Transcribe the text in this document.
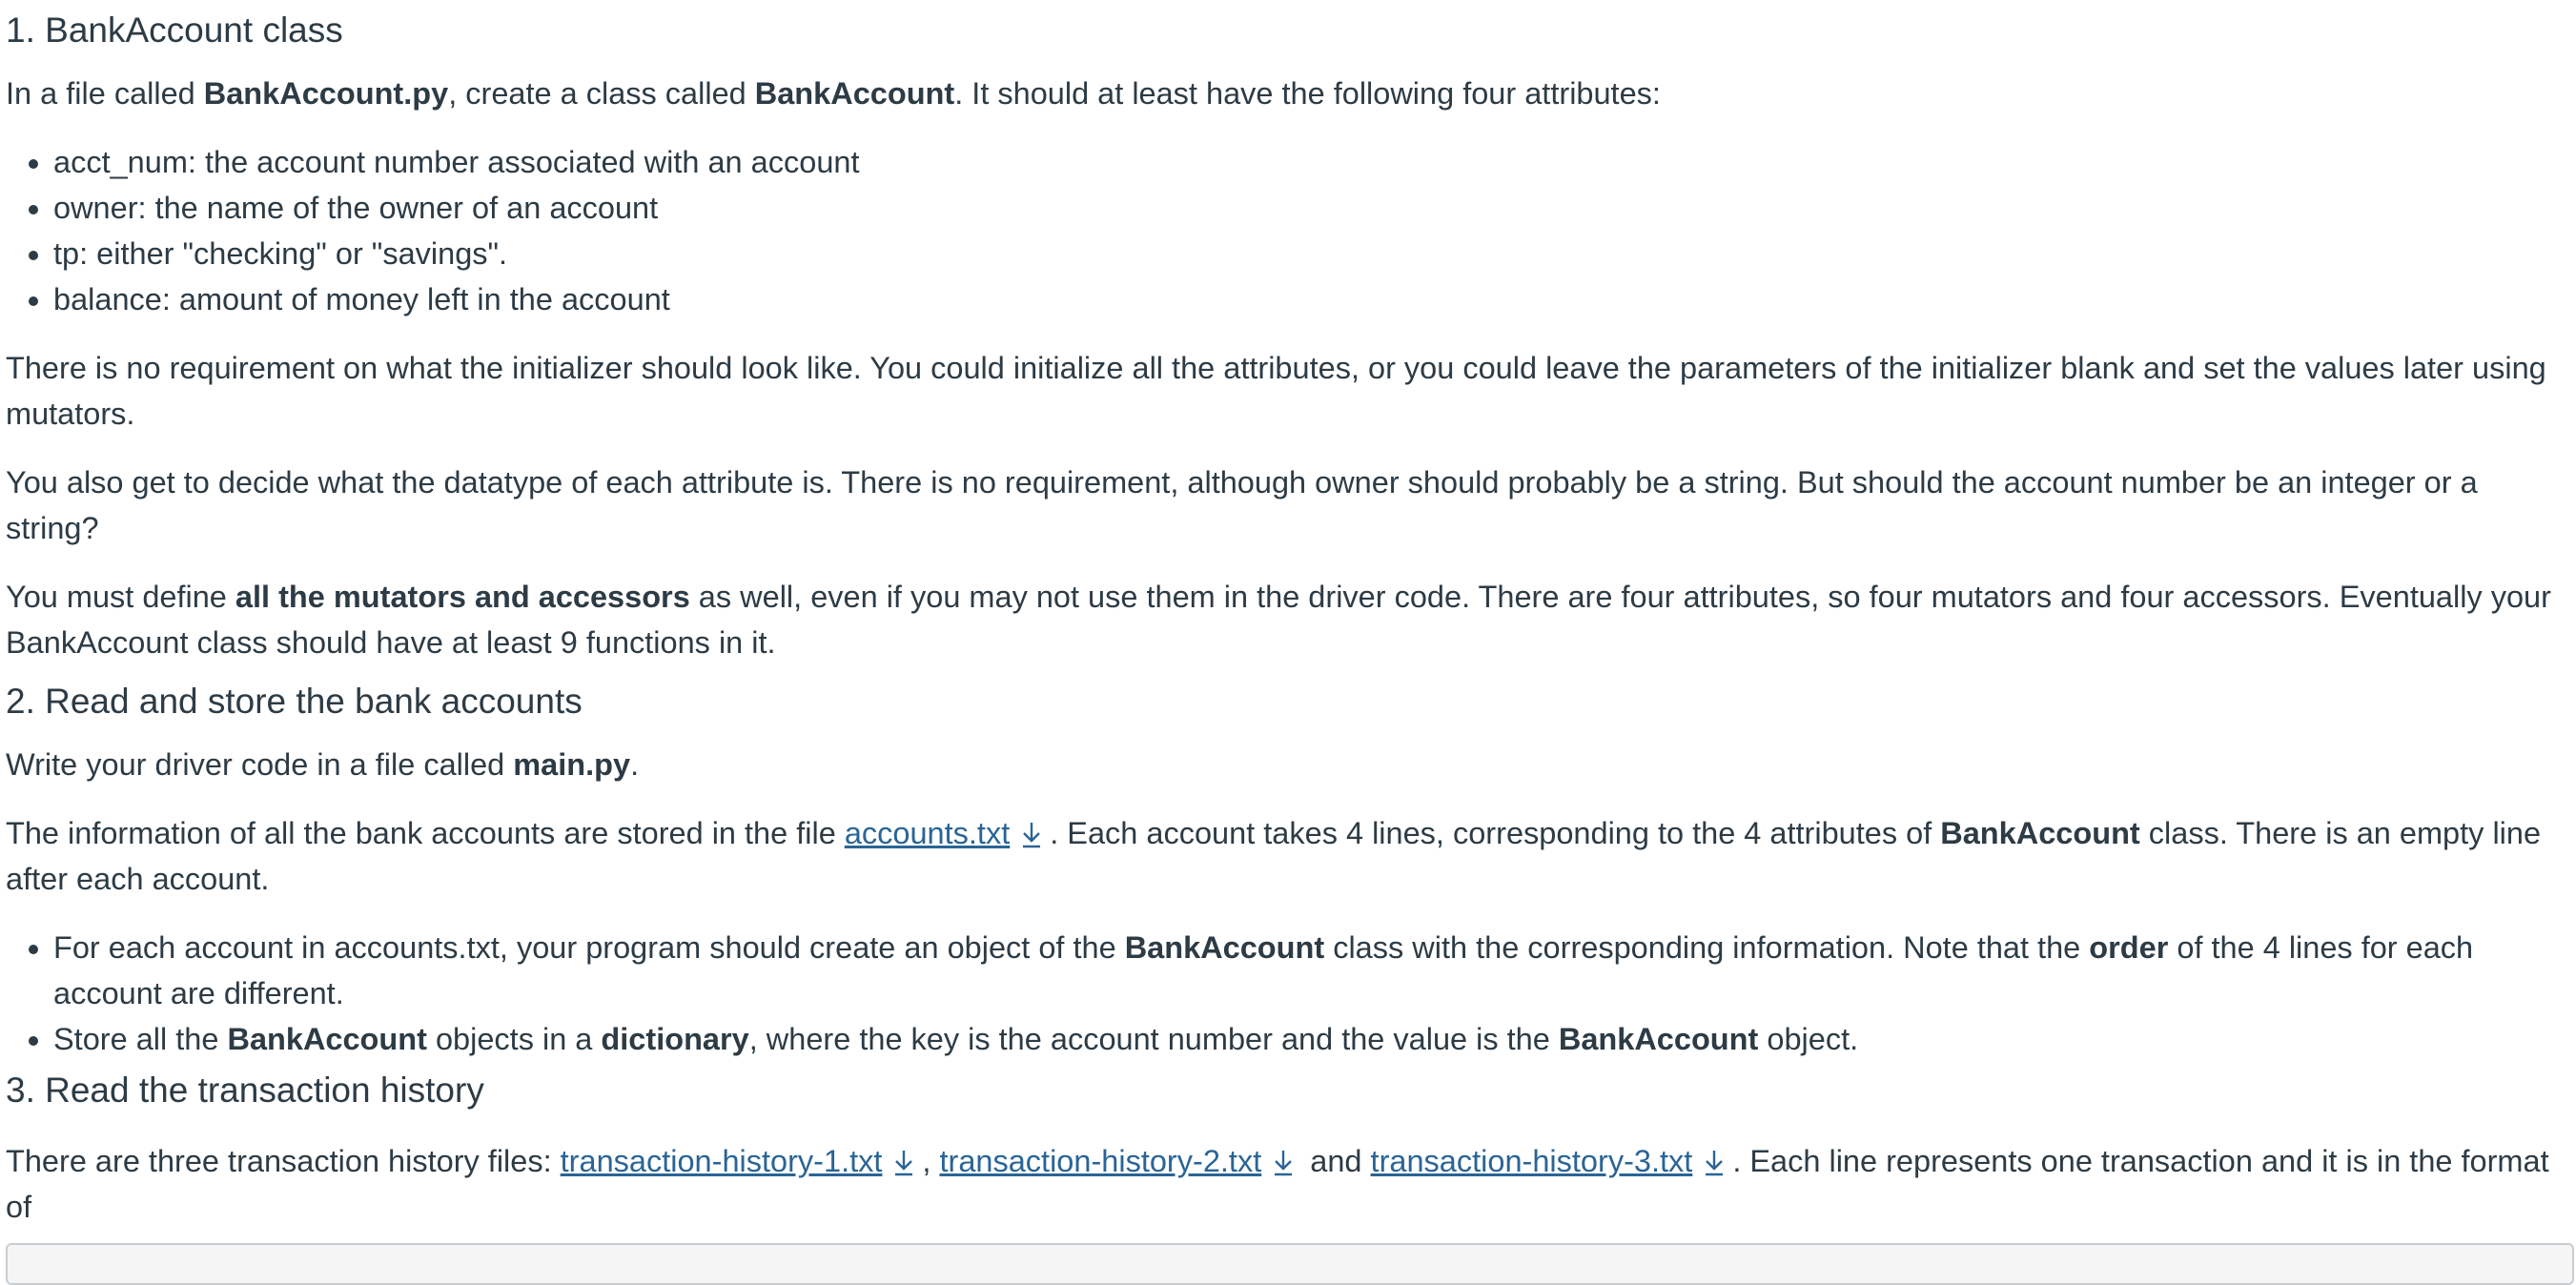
1. BankAccount class

In a file called BankAccount.py, create a class called BankAccount. It should at least have the following four attributes:

• acct_num: the account number associated with an account
• owner: the name of the owner of an account
• tp: either "checking" or "savings".
• balance: amount of money left in the account

There is no requirement on what the initializer should look like. You could initialize all the attributes, or you could leave the parameters of the initializer blank and set the values later using mutators.

You also get to decide what the datatype of each attribute is. There is no requirement, although owner should probably be a string. But should the account number be an integer or a string?

You must define all the mutators and accessors as well, even if you may not use them in the driver code. There are four attributes, so four mutators and four accessors. Eventually your BankAccount class should have at least 9 functions in it.

2. Read and store the bank accounts

Write your driver code in a file called main.py.

The information of all the bank accounts are stored in the file accounts.txt . Each account takes 4 lines, corresponding to the 4 attributes of BankAccount class. There is an empty line after each account.

• For each account in accounts.txt, your program should create an object of the BankAccount class with the corresponding information. Note that the order of the 4 lines for each account are different.
• Store all the BankAccount objects in a dictionary, where the key is the account number and the value is the BankAccount object.
3. Read the transaction history

There are three transaction history files: transaction-history-1.txt , transaction-history-2.txt
and transaction-history-3.txt . Each line represents one transaction and it is in the format of
